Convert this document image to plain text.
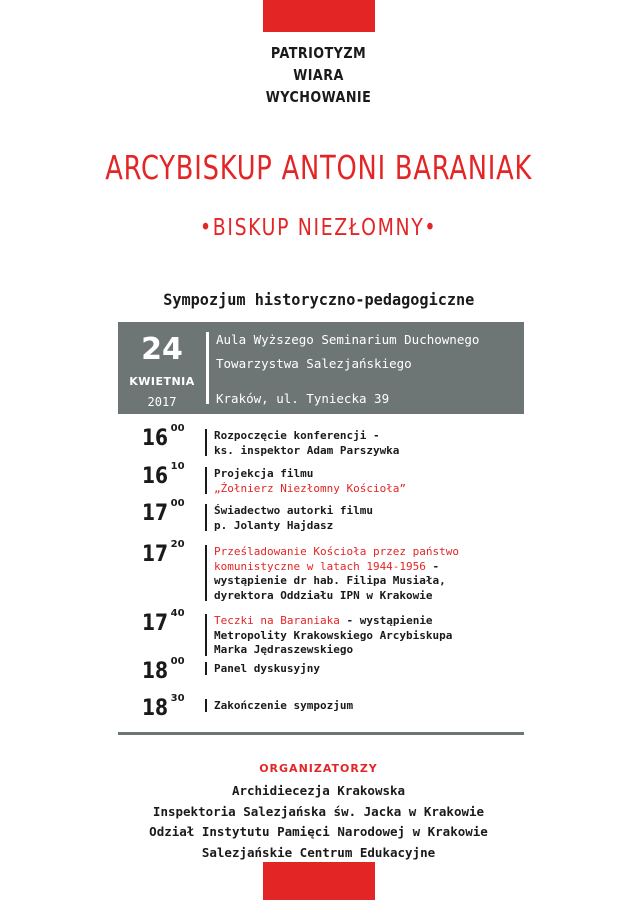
PATRIOTYZM
WIARA
WYCHOWANIE
ARCYBISKUP ANTONI BARANIAK
•BISKUP NIEZŁOMNY•
Sympozjum historyczno-pedagogiczne
24
KWIETNIA
2017
Aula Wyższego Seminarium Duchownego
Towarzystwa Salezjańskiego
Kraków, ul. Tyniecka 39
16 $^{00}$
Rozpoczęcie konferencji -
ks. inspektor Adam Parszywka
16 $^{10}$
Projekcja filmu
„Żołnierz Niezłomny Kościoła”
17 $^{00}$
Świadectwo autorki filmu
p. Jolanty Hajdasz
17 $^{20}$
Prześladowanie Kościoła przez państwo
komunistyczne w latach 1944-1956 -
wystąpienie dr hab. Filipa Musiała,
dyrektora Oddziału IPN w Krakowie
17 $^{40}$
Teczki na Baraniaka - wystąpienie
Metropolity Krakowskiego Arcybiskupa
Marka Jędraszewskiego
18 $^{00}$
Panel dyskusyjny
18 $^{30}$
Zakończenie sympozjum
ORGANIZATORZY
Archidiecezja Krakowska
Inspektoria Salezjańska św. Jacka w Krakowie
Odział Instytutu Pamięci Narodowej w Krakowie
Salezjańskie Centrum Edukacyjne
